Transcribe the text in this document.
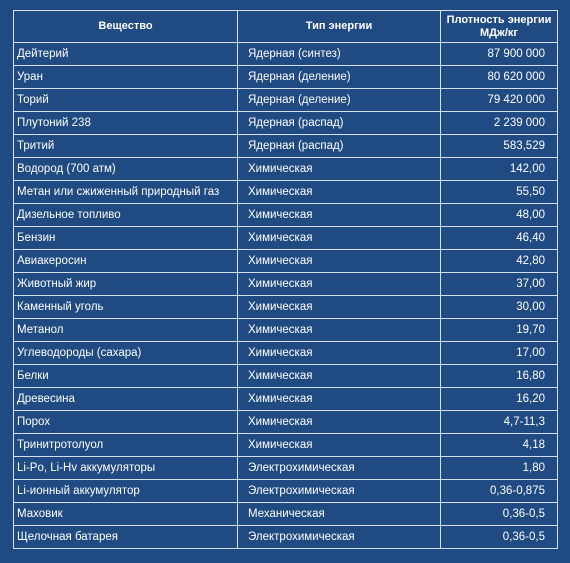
Вещество	Тип энергии	Плотность энергии МДж/кг

Дейтерий	Ядерная (синтез)	87 900 000
Уран	Ядерная (деление)	80 620 000
Торий	Ядерная (деление)	79 420 000
Плутоний 238	Ядерная (распад)	2 239 000
Тритий	Ядерная (распад)	583,529
Водород (700 атм)	Химическая	142,00
Метан или сжиженный природный газ	Химическая	55,50
Дизельное топливо	Химическая	48,00
Бензин	Химическая	46,40
Авиакеросин	Химическая	42,80
Животный жир	Химическая	37,00
Каменный уголь	Химическая	30,00
Метанол	Химическая	19,70
Углеводороды (сахара)	Химическая	17,00
Белки	Химическая	16,80
Древесина	Химическая	16,20
Порох	Химическая	4,7-11,3
Тринитротолуол	Химическая	4,18
Li-Po, Li-Hv аккумуляторы	Электрохимическая	1,80
Li-ионный аккумулятор	Электрохимическая	0,36-0,875
Маховик	Механическая	0,36-0,5
Щелочная батарея	Электрохимическая	0,36-0,5
